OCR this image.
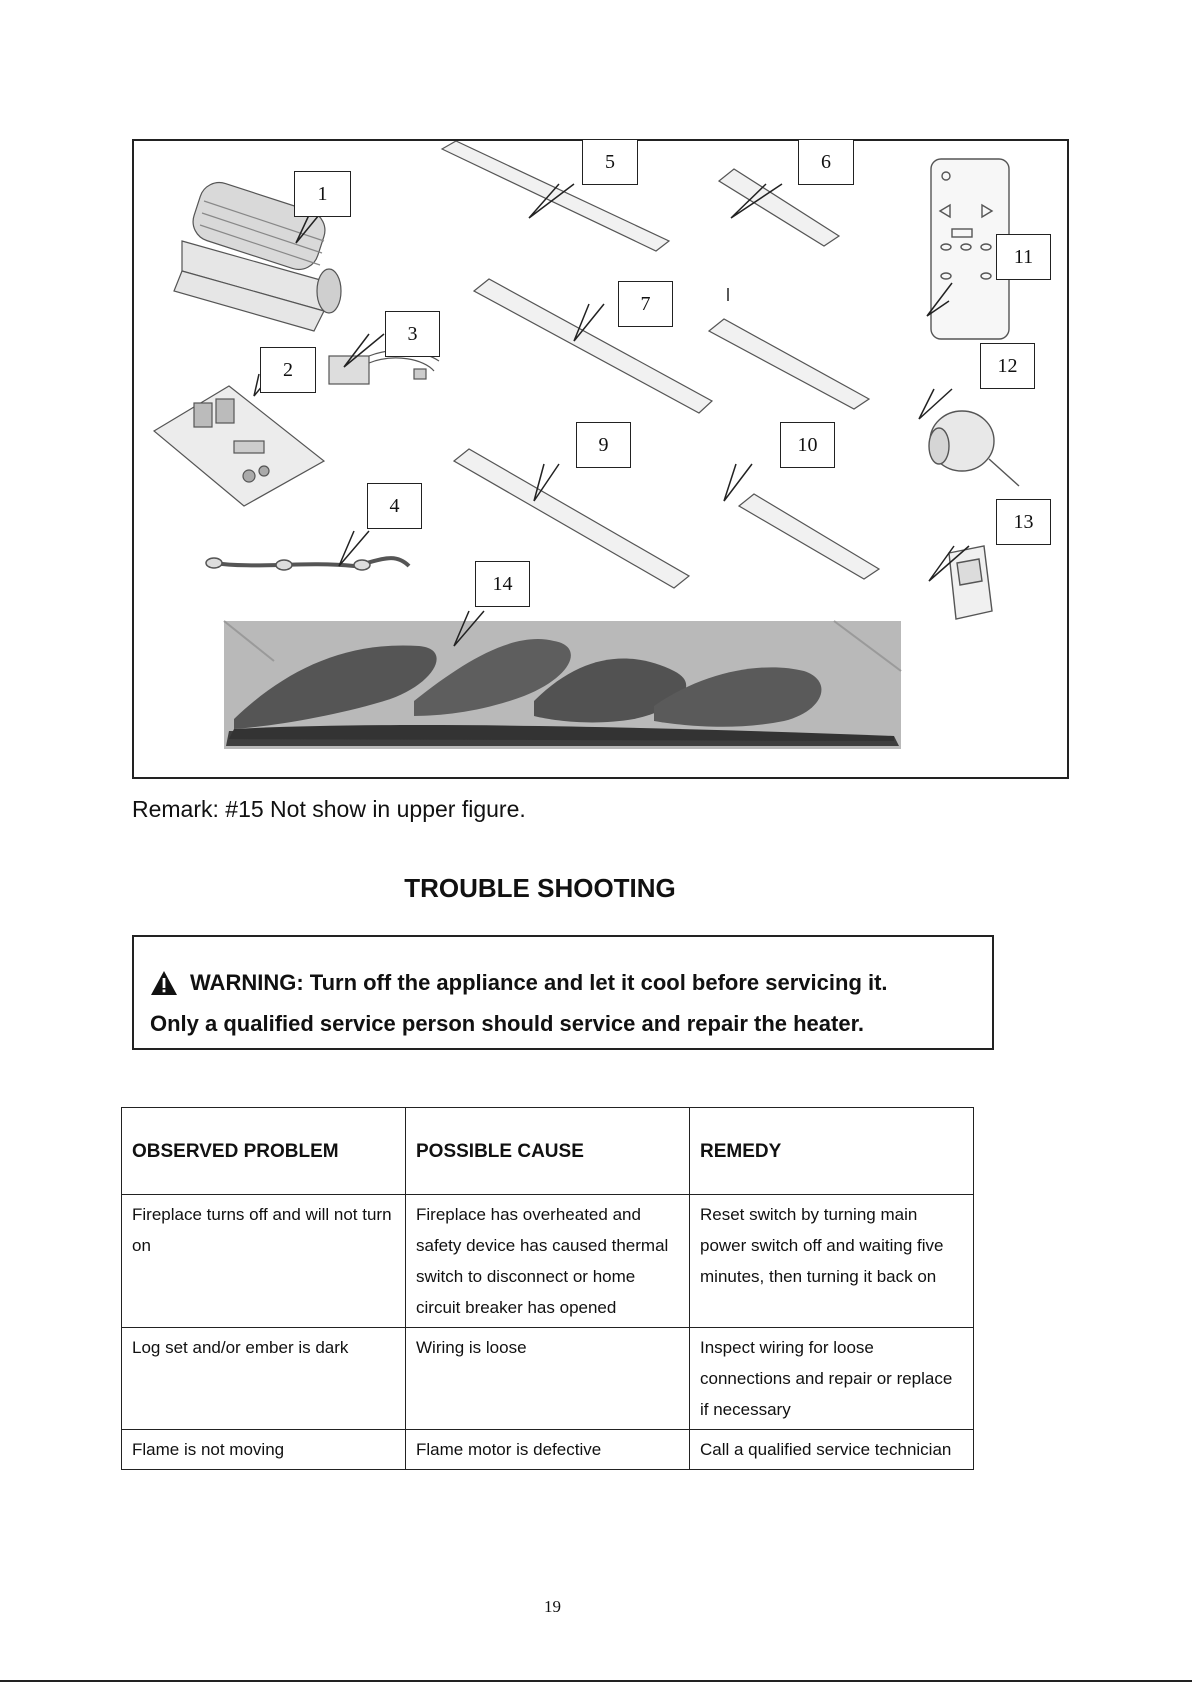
1
2
3
4
5	6
7
9	10
11
12
13
14
Remark: #15 Not show in upper figure.
TROUBLE SHOOTING
WARNING: Turn off the appliance and let it cool before servicing it.
Only a qualified service person should service and repair the heater.
OBSERVED PROBLEM	POSSIBLE CAUSE	REMEDY
Fireplace turns off and will not turn on	Fireplace has overheated and safety device has caused thermal switch to disconnect or home circuit breaker has opened	Reset switch by turning main power switch off and waiting five minutes, then turning it back on
Log set and/or ember is dark	Wiring is loose	Inspect wiring for loose connections and repair or replace if necessary
Flame is not moving	Flame motor is defective	Call a qualified service technician
19
